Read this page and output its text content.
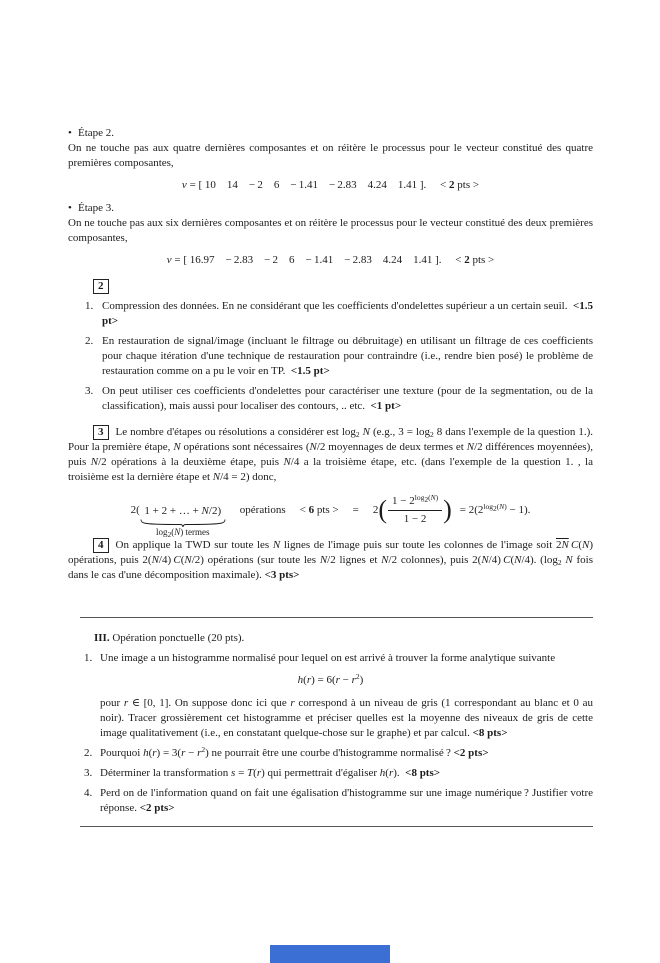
• Étape 2.
On ne touche pas aux quatre dernières composantes et on réitère le processus pour le vecteur constitué des quatre premières composantes,
v = [ 10  14  − 2  6  − 1.41  − 2.83  4.24  1.41 ].   < 2 pts >
• Étape 3.
On ne touche pas aux six dernières composantes et on réitère le processus pour le vecteur constitué des deux premières composantes,
v = [ 16.97  − 2.83  − 2  6  − 1.41  − 2.83  4.24  1.41 ].   < 2 pts >
2
1. Compression des données. En ne considérant que les coefficients d'ondelettes supérieur a un certain seuil. <1.5 pt>
2. En restauration de signal/image (incluant le filtrage ou débruitage) en utilisant un filtrage de ces coefficients pour chaque itération d'une technique de restauration pour contraindre (i.e., rendre bien posé) le problème de restauration comme on a pu le voir en TP. <1.5 pt>
3. On peut utiliser ces coefficients d'ondelettes pour caractériser une texture (pour de la segmentation, ou de la classification), mais aussi pour localiser des contours, .. etc. <1 pt>
3 Le nombre d'étapes ou résolutions a considérer est $\log_2 N$ (e.g., $3 = \log_2 8$ dans l'exemple de la question 1.). Pour la première étape, N opérations sont nécessaires (N/2 moyennages de deux termes et N/2 différences moyennées), puis N/2 opérations à la deuxième étape, puis N/4 a la troisième étape, etc. (dans l'exemple de la question 1. , la troisième est la dernière étape et N/4 = 2) donc,
2( 1 + 2 + … + N/2)
$\log_2(N)$ termes
opérations < 6 pts > = 2 ( $\frac{1 - 2^{log_2(N)}}{1 - 2}$ ) = $2(2^{log_2(N)} - 1)$.
4 On applique la TWD sur toute les N lignes de l'image puis sur toute les colonnes de l'image soit 2N  C(N) opérations, puis 2(N/4) C(N/2) opérations (sur toute les N/2 lignes et N/2 colonnes), puis 2(N/4) C(N/4). ($\log_2$ N fois dans le cas d'une décomposition maximale). <3 pts>
III. Opération ponctuelle (20 pts).
1. Une image a un histogramme normalisé pour lequel on est arrivé à trouver la forme analytique suivante
$h(r) = 6(r - r^2)$
pour r ∈ [0, 1]. On suppose donc ici que r correspond à un niveau de gris (1 correspondant au blanc et 0 au noir). Tracer grossièrement cet histogramme et préciser quelles est la moyenne des niveaux de gris de cette image qualitativement (i.e., en constatant quelque-chose sur le graphe) et par calcul. <8 pts>
2. Pourquoi $h(r) = 3(r - r^2)$ ne pourrait être une courbe d'histogramme normalisé ? <2 pts>
3. Déterminer la transformation s = T(r) qui permettrait d'égaliser h(r). <8 pts>
4. Perd on de l'information quand on fait une égalisation d'histogramme sur une image numérique ? Justifier votre réponse. <2 pts>
